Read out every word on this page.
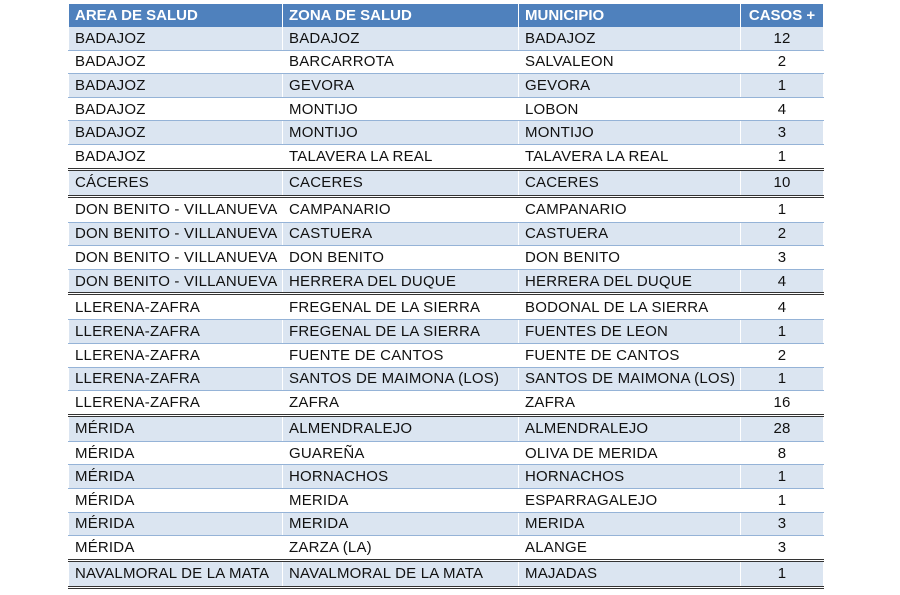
AREA DE SALUD	ZONA DE SALUD	MUNICIPIO	CASOS +
BADAJOZ	BADAJOZ	BADAJOZ	12
BADAJOZ	BARCARROTA	SALVALEON	2
BADAJOZ	GEVORA	GEVORA	1
BADAJOZ	MONTIJO	LOBON	4
BADAJOZ	MONTIJO	MONTIJO	3
BADAJOZ	TALAVERA LA REAL	TALAVERA LA REAL	1
CÁCERES	CACERES	CACERES	10
DON BENITO - VILLANUEVA	CAMPANARIO	CAMPANARIO	1
DON BENITO - VILLANUEVA	CASTUERA	CASTUERA	2
DON BENITO - VILLANUEVA	DON BENITO	DON BENITO	3
DON BENITO - VILLANUEVA	HERRERA DEL DUQUE	HERRERA DEL DUQUE	4
LLERENA-ZAFRA	FREGENAL DE LA SIERRA	BODONAL DE LA SIERRA	4
LLERENA-ZAFRA	FREGENAL DE LA SIERRA	FUENTES DE LEON	1
LLERENA-ZAFRA	FUENTE DE CANTOS	FUENTE DE CANTOS	2
LLERENA-ZAFRA	SANTOS DE MAIMONA (LOS)	SANTOS DE MAIMONA (LOS)	1
LLERENA-ZAFRA	ZAFRA	ZAFRA	16
MÉRIDA	ALMENDRALEJO	ALMENDRALEJO	28
MÉRIDA	GUAREÑA	OLIVA DE MERIDA	8
MÉRIDA	HORNACHOS	HORNACHOS	1
MÉRIDA	MERIDA	ESPARRAGALEJO	1
MÉRIDA	MERIDA	MERIDA	3
MÉRIDA	ZARZA (LA)	ALANGE	3
NAVALMORAL DE LA MATA	NAVALMORAL DE LA MATA	MAJADAS	1
